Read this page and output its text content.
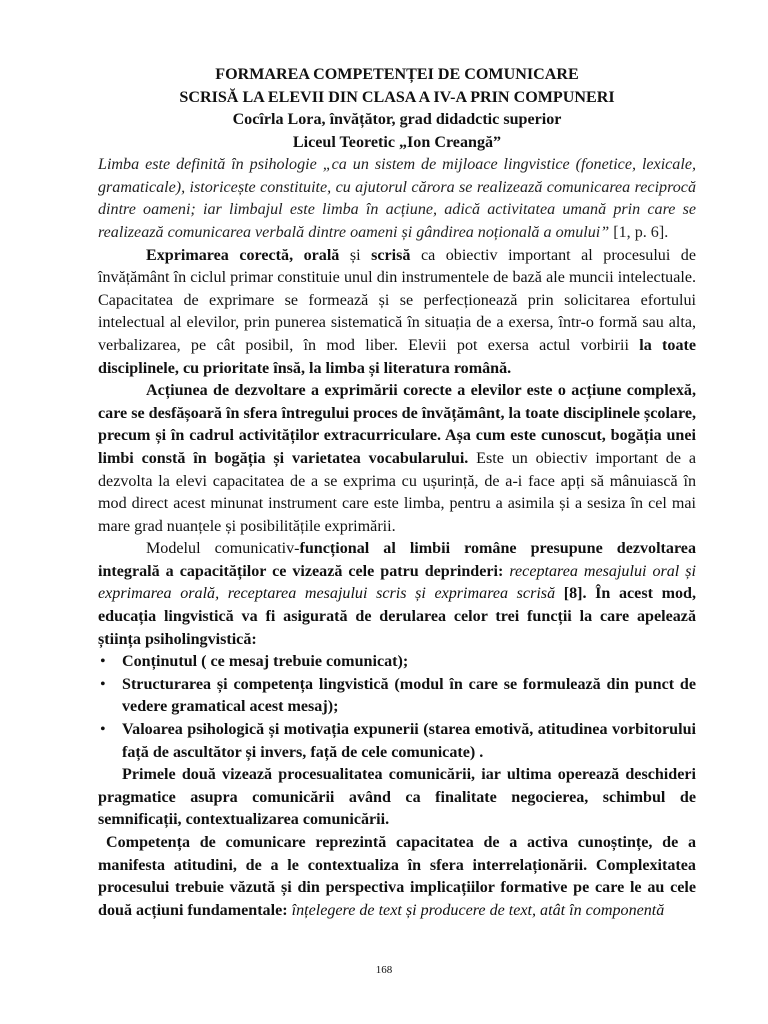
FORMAREA COMPETENȚEI DE COMUNICARE

SCRISĂ LA ELEVII DIN CLASA A IV-A PRIN COMPUNERI

Cocîrla Lora, învățător, grad didadctic superior

Liceul Teoretic „Ion Creangă”

Limba este definită în psihologie „ca un sistem de mijloace lingvistice (fonetice, lexicale, gramaticale), istoricește constituite, cu ajutorul cărora se realizează comunicarea reciprocă dintre oameni; iar limbajul este limba în acțiune, adică activitatea umană prin care se realizează comunicarea verbală dintre oameni și gândirea noțională a omului” [1, p. 6].

Exprimarea corectă, orală și scrisă ca obiectiv important al procesului de învățământ în ciclul primar constituie unul din instrumentele de bază ale muncii intelectuale. Capacitatea de exprimare se formează și se perfecționează prin solicitarea efortului intelectual al elevilor, prin punerea sistematică în situația de a exersa, într-o formă sau alta, verbalizarea, pe cât posibil, în mod liber. Elevii pot exersa actul vorbirii la toate disciplinele, cu prioritate însă, la limba și literatura română.

Acțiunea de dezvoltare a exprimării corecte a elevilor este o acțiune complexă, care se desfășoară în sfera întregului proces de învățământ, la toate disciplinele școlare, precum și în cadrul activităților extracurriculare. Așa cum este cunoscut, bogăția unei limbi constă în bogăția și varietatea vocabularului. Este un obiectiv important de a dezvolta la elevi capacitatea de a se exprima cu ușurință, de a-i face apți să mânuiască în mod direct acest minunat instrument care este limba, pentru a asimila și a sesiza în cel mai mare grad nuanțele și posibilitățile exprimării.

Modelul comunicativ-funcțional al limbii române presupune dezvoltarea integrală a capacităților ce vizează cele patru deprinderi: receptarea mesajului oral și exprimarea orală, receptarea mesajului scris și exprimarea scrisă [8]. În acest mod, educația lingvistică va fi asigurată de derularea celor trei funcții la care apelează știința psiholingvistică:

• Conținutul ( ce mesaj trebuie comunicat);
• Structurarea și competența lingvistică (modul în care se formulează din punct de vedere gramatical acest mesaj);
• Valoarea psihologică și motivația expunerii (starea emotivă, atitudinea vorbitorului față de ascultător și invers, față de cele comunicate) .

Primele două vizează procesualitatea comunicării, iar ultima operează deschideri pragmatice asupra comunicării având ca finalitate negocierea, schimbul de semnificații, contextualizarea comunicării.

Competența de comunicare reprezintă capacitatea de a activa cunoștințe, de a manifesta atitudini, de a le contextualiza în sfera interrelaționării. Complexitatea procesului trebuie văzută și din perspectiva implicațiilor formative pe care le au cele două acțiuni fundamentale: înțelegere de text și producere de text, atât în componentă

168
